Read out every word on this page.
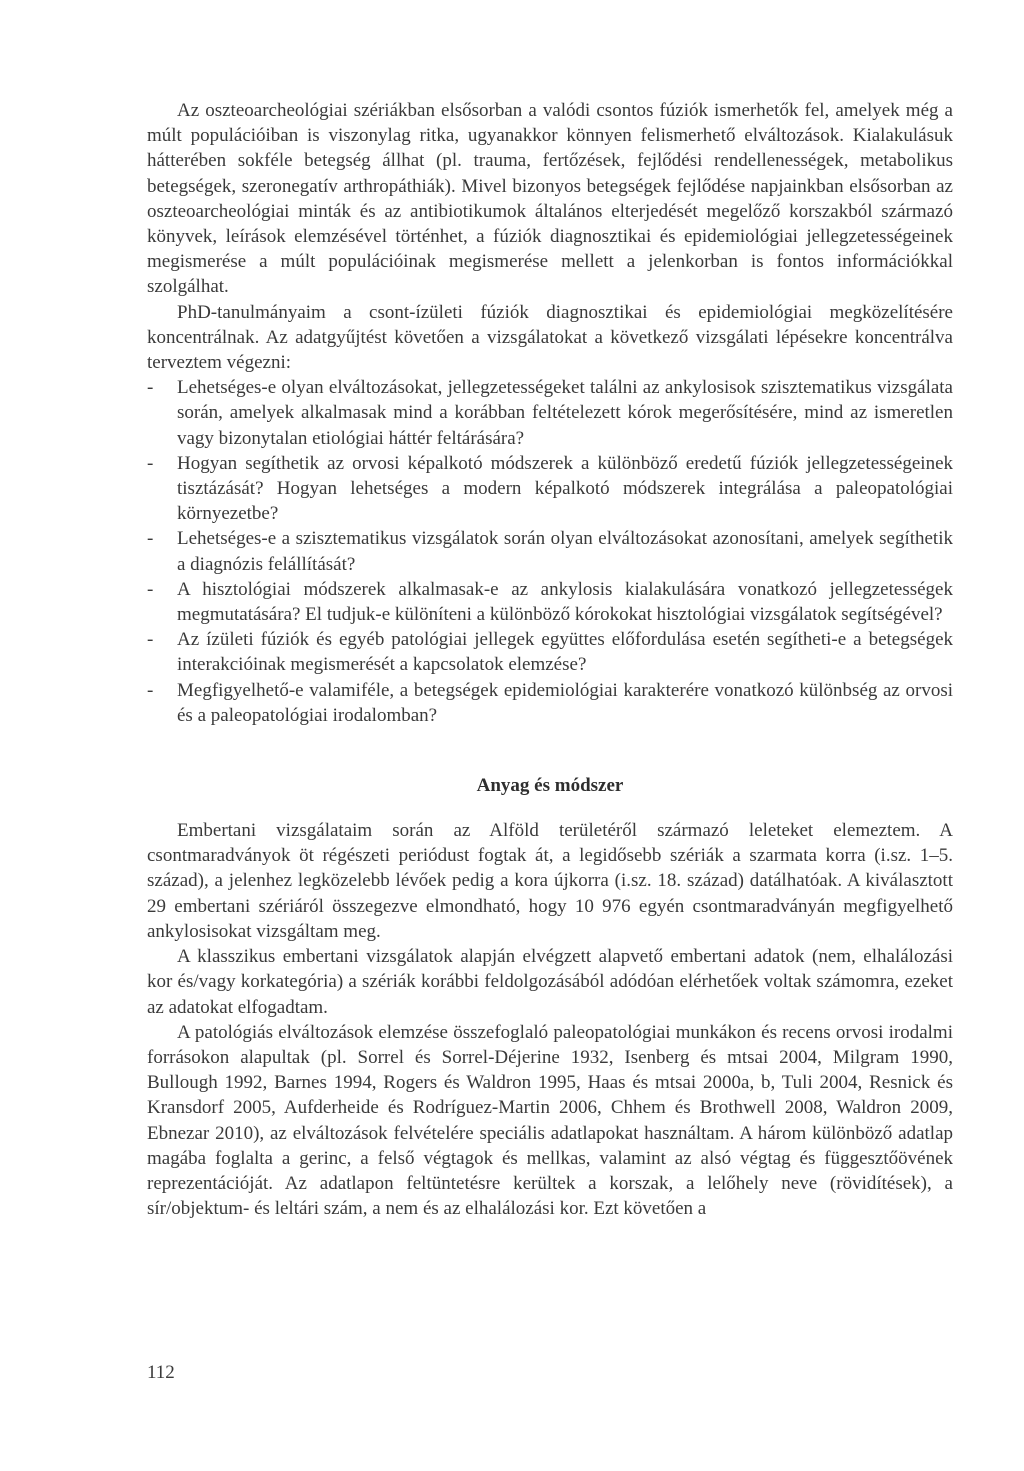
Az oszteoarcheológiai szériákban elsősorban a valódi csontos fúziók ismerhetők fel, amelyek még a múlt populációiban is viszonylag ritka, ugyanakkor könnyen felismerhető elváltozások. Kialakulásuk hátterében sokféle betegség állhat (pl. trauma, fertőzések, fejlődési rendellenességek, metabolikus betegségek, szeronegatív arthropáthiák). Mivel bizonyos betegségek fejlődése napjainkban elsősorban az oszteoarcheológiai minták és az antibiotikumok általános elterjedését megelőző korszakból származó könyvek, leírások elemzésével történhet, a fúziók diagnosztikai és epidemiológiai jellegzetességeinek megismerése a múlt populációinak megismerése mellett a jelenkorban is fontos információkkal szolgálhat.

PhD-tanulmányaim a csont-ízületi fúziók diagnosztikai és epidemiológiai megközelítésére koncentrálnak. Az adatgyűjtést követően a vizsgálatokat a következő vizsgálati lépésekre koncentrálva terveztem végezni:

- Lehetséges-e olyan elváltozásokat, jellegzetességeket találni az ankylosisok szisztematikus vizsgálata során, amelyek alkalmasak mind a korábban feltételezett kórok megerősítésére, mind az ismeretlen vagy bizonytalan etiológiai háttér feltárására?
- Hogyan segíthetik az orvosi képalkotó módszerek a különböző eredetű fúziók jellegzetességeinek tisztázását? Hogyan lehetséges a modern képalkotó módszerek integrálása a paleopatológiai környezetbe?
- Lehetséges-e a szisztematikus vizsgálatok során olyan elváltozásokat azonosítani, amelyek segíthetik a diagnózis felállítását?
- A hisztológiai módszerek alkalmasak-e az ankylosis kialakulására vonatkozó jellegzetességek megmutatására? El tudjuk-e különíteni a különböző kórokokat hisztológiai vizsgálatok segítségével?
- Az ízületi fúziók és egyéb patológiai jellegek együttes előfordulása esetén segítheti-e a betegségek interakcióinak megismerését a kapcsolatok elemzése?
- Megfigyelhető-e valamiféle, a betegségek epidemiológiai karakterére vonatkozó különbség az orvosi és a paleopatológiai irodalomban?
Anyag és módszer

Embertani vizsgálataim során az Alföld területéről származó leleteket elemeztem. A csontmaradványok öt régészeti periódust fogtak át, a legidősebb szériák a szarmata korra (i.sz. 1–5. század), a jelenhez legközelebb lévőek pedig a kora újkorra (i.sz. 18. század) datálhatóak. A kiválasztott 29 embertani szériáról összegezve elmondható, hogy 10 976 egyén csontmaradványán megfigyelhető ankylosisokat vizsgáltam meg.

A klasszikus embertani vizsgálatok alapján elvégzett alapvető embertani adatok (nem, elhalálozási kor és/vagy korkategória) a szériák korábbi feldolgozásából adódóan elérhetőek voltak számomra, ezeket az adatokat elfogadtam.

A patológiás elváltozások elemzése összefoglaló paleopatológiai munkákon és recens orvosi irodalmi forrásokon alapultak (pl. Sorrel és Sorrel-Déjerine 1932, Isenberg és mtsai 2004, Milgram 1990, Bullough 1992, Barnes 1994, Rogers és Waldron 1995, Haas és mtsai 2000a, b, Tuli 2004, Resnick és Kransdorf 2005, Aufderheide és Rodríguez-Martin 2006, Chhem és Brothwell 2008, Waldron 2009, Ebnezar 2010), az elváltozások felvételére speciális adatlapokat használtam. A három különböző adatlap magába foglalta a gerinc, a felső végtagok és mellkas, valamint az alsó végtag és függesztőövének reprezentációját. Az adatlapon feltüntetésre kerültek a korszak, a lelőhely neve (rövidítések), a sír/objektum- és leltári szám, a nem és az elhalálozási kor. Ezt követően a

112
